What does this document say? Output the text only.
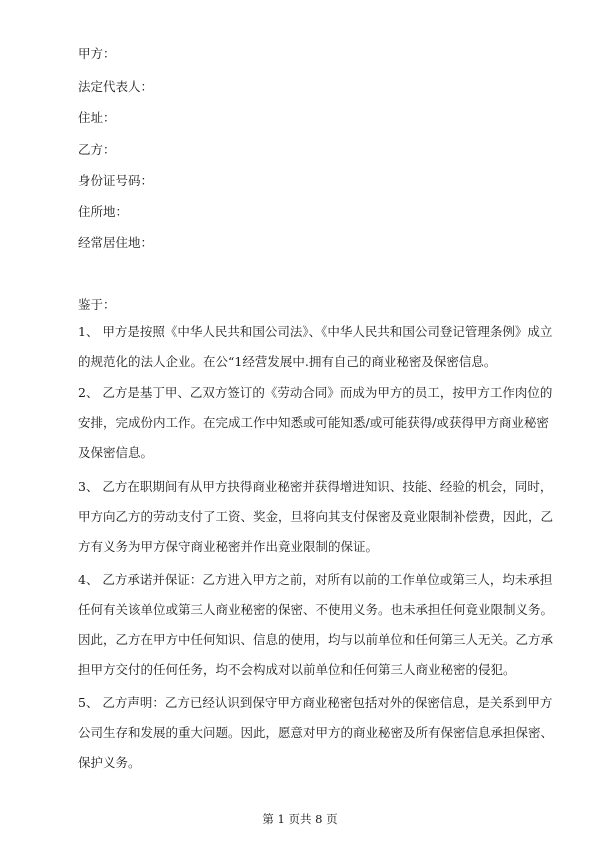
甲方：
法定代表人：
住址：
乙方：
身份证号码：
住所地：
经常居住地：
鉴于：
1、 甲方是按照《中华人民共和国公司法》、《中华人民共和国公司登记管理条例》成立
的规范化的法人企业。在公“1经营发展中.拥有自己的商业秘密及保密信息。
2、 乙方是基丁甲、乙双方签订的《劳动合同》而成为甲方的员工，按甲方工作肉位的
安排，完成份内工作。在完成工作中知悉或可能知悉/或可能获得/或获得甲方商业秘密
及保密信息。
3、 乙方在职期间有从甲方抉得商业秘密并获得增进知识、技能、经验的机会，同时，
甲方向乙方的劳动支付了工资、奖金，旦将向其支付保密及竟业限制补偿费，因此，乙
方有义务为甲方保守商业秘密并作出竟业限制的保证。
4、 乙方承诺并保证：乙方进入甲方之前，对所有以前的工作单位或第三人，均未承担
任何有关该单位或第三人商业秘密的保密、不使用义务。也未承担任何竟业限制义务。
因此，乙方在甲方中任何知识、信息的使用，均与以前单位和任何第三人无关。乙方承
担甲方交付的任何任务，均不会构成对以前单位和任何第三人商业秘密的侵犯。
5、 乙方声明：乙方已经认识到保守甲方商业秘密包括对外的保密信息，是关系到甲方
公司生存和发展的重大问题。因此，愿意对甲方的商业秘密及所有保密信息承担保密、
保护义务。
第 1 页共 8 页
